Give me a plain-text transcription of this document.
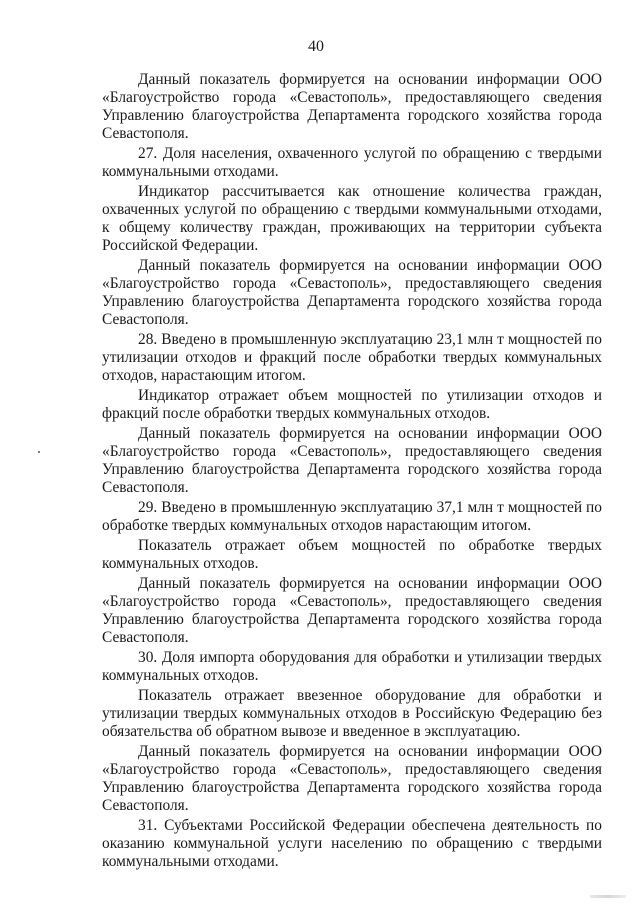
40

Данный показатель формируется на основании информации ООО «Благоустройство города «Севастополь», предоставляющего сведения Управлению благоустройства Департамента городского хозяйства города Севастополя.

27. Доля населения, охваченного услугой по обращению с твердыми коммунальными отходами.

Индикатор рассчитывается как отношение количества граждан, охваченных услугой по обращению с твердыми коммунальными отходами, к общему количеству граждан, проживающих на территории субъекта Российской Федерации.

Данный показатель формируется на основании информации ООО «Благоустройство города «Севастополь», предоставляющего сведения Управлению благоустройства Департамента городского хозяйства города Севастополя.

28. Введено в промышленную эксплуатацию 23,1 млн т мощностей по утилизации отходов и фракций после обработки твердых коммунальных отходов, нарастающим итогом.

Индикатор отражает объем мощностей по утилизации отходов и фракций после обработки твердых коммунальных отходов.

Данный показатель формируется на основании информации ООО «Благоустройство города «Севастополь», предоставляющего сведения Управлению благоустройства Департамента городского хозяйства города Севастополя.

29. Введено в промышленную эксплуатацию 37,1 млн т мощностей по обработке твердых коммунальных отходов нарастающим итогом.

Показатель отражает объем мощностей по обработке твердых коммунальных отходов.

Данный показатель формируется на основании информации ООО «Благоустройство города «Севастополь», предоставляющего сведения Управлению благоустройства Департамента городского хозяйства города Севастополя.

30. Доля импорта оборудования для обработки и утилизации твердых коммунальных отходов.

Показатель отражает ввезенное оборудование для обработки и утилизации твердых коммунальных отходов в Российскую Федерацию без обязательства об обратном вывозе и введенное в эксплуатацию.

Данный показатель формируется на основании информации ООО «Благоустройство города «Севастополь», предоставляющего сведения Управлению благоустройства Департамента городского хозяйства города Севастополя.

31. Субъектами Российской Федерации обеспечена деятельность по оказанию коммунальной услуги населению по обращению с твердыми коммунальными отходами.
